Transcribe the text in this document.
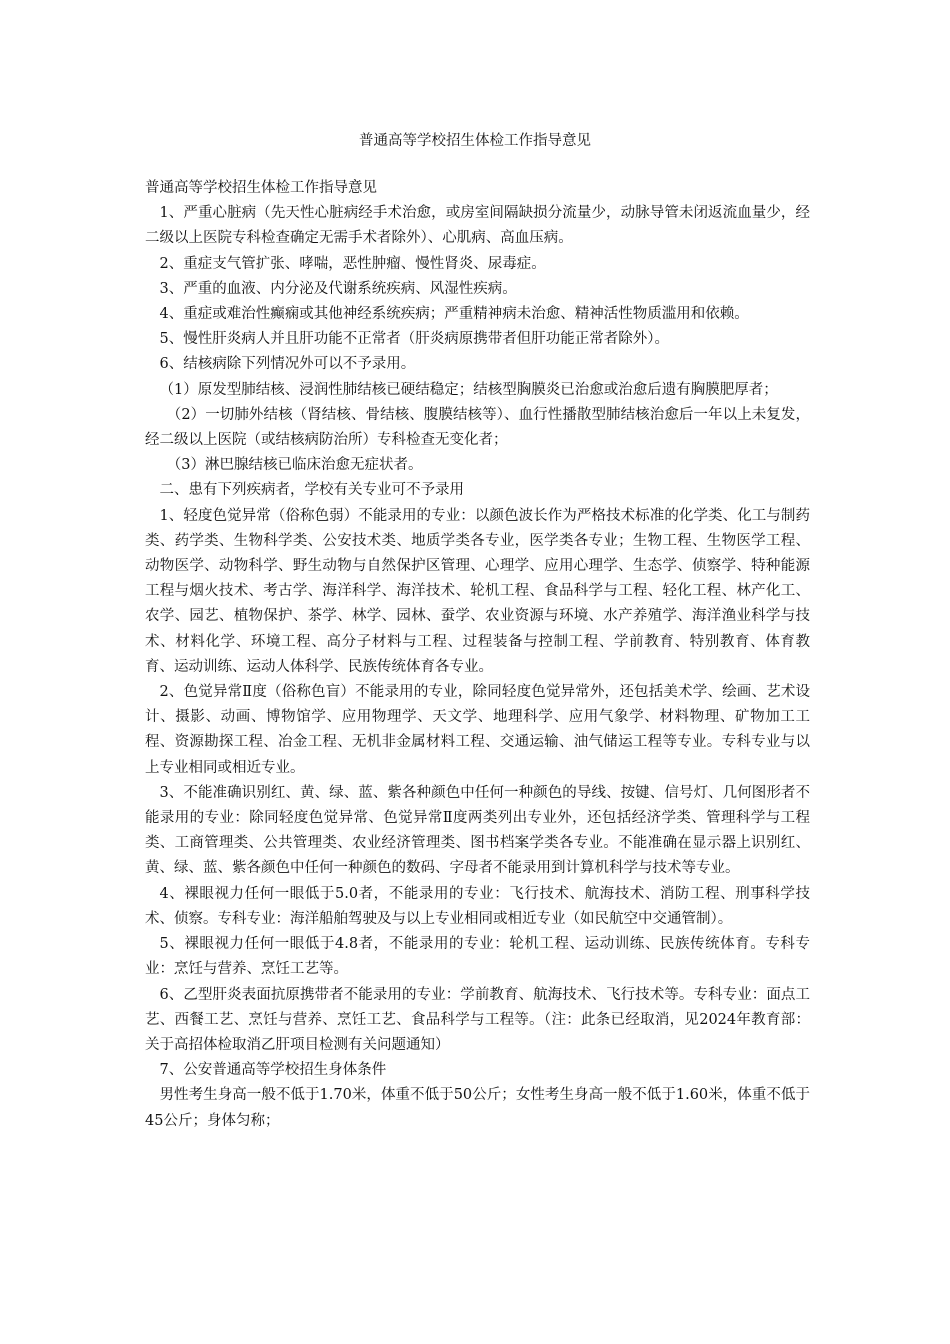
普通高等学校招生体检工作指导意见

普通高等学校招生体检工作指导意见

1、严重心脏病（先天性心脏病经手术治愈，或房室间隔缺损分流量少，动脉导管未闭返流血量少，经二级以上医院专科检查确定无需手术者除外）、心肌病、高血压病。

2、重症支气管扩张、哮喘，恶性肿瘤、慢性肾炎、尿毒症。

3、严重的血液、内分泌及代谢系统疾病、风湿性疾病。

4、重症或难治性癫痫或其他神经系统疾病；严重精神病未治愈、精神活性物质滥用和依赖。

5、慢性肝炎病人并且肝功能不正常者（肝炎病原携带者但肝功能正常者除外）。

6、结核病除下列情况外可以不予录用。

（1）原发型肺结核、浸润性肺结核已硬结稳定；结核型胸膜炎已治愈或治愈后遗有胸膜肥厚者；

（2）一切肺外结核（肾结核、骨结核、腹膜结核等）、血行性播散型肺结核治愈后一年以上未复发，经二级以上医院（或结核病防治所）专科检查无变化者；

（3）淋巴腺结核已临床治愈无症状者。

二、患有下列疾病者，学校有关专业可不予录用

1、轻度色觉异常（俗称色弱）不能录用的专业：以颜色波长作为严格技术标准的化学类、化工与制药类、药学类、生物科学类、公安技术类、地质学类各专业，医学类各专业；生物工程、生物医学工程、动物医学、动物科学、野生动物与自然保护区管理、心理学、应用心理学、生态学、侦察学、特种能源工程与烟火技术、考古学、海洋科学、海洋技术、轮机工程、食品科学与工程、轻化工程、林产化工、农学、园艺、植物保护、茶学、林学、园林、蚕学、农业资源与环境、水产养殖学、海洋渔业科学与技术、材料化学、环境工程、高分子材料与工程、过程装备与控制工程、学前教育、特别教育、体育教育、运动训练、运动人体科学、民族传统体育各专业。

2、色觉异常Ⅱ度（俗称色盲）不能录用的专业，除同轻度色觉异常外，还包括美术学、绘画、艺术设计、摄影、动画、博物馆学、应用物理学、天文学、地理科学、应用气象学、材料物理、矿物加工工程、资源勘探工程、冶金工程、无机非金属材料工程、交通运输、油气储运工程等专业。专科专业与以上专业相同或相近专业。

3、不能准确识别红、黄、绿、蓝、紫各种颜色中任何一种颜色的导线、按键、信号灯、几何图形者不能录用的专业：除同轻度色觉异常、色觉异常Ⅱ度两类列出专业外，还包括经济学类、管理科学与工程类、工商管理类、公共管理类、农业经济管理类、图书档案学类各专业。不能准确在显示器上识别红、黄、绿、蓝、紫各颜色中任何一种颜色的数码、字母者不能录用到计算机科学与技术等专业。

4、裸眼视力任何一眼低于5.0者，不能录用的专业：飞行技术、航海技术、消防工程、刑事科学技术、侦察。专科专业：海洋船舶驾驶及与以上专业相同或相近专业（如民航空中交通管制）。

5、裸眼视力任何一眼低于4.8者，不能录用的专业：轮机工程、运动训练、民族传统体育。专科专业：烹饪与营养、烹饪工艺等。

6、乙型肝炎表面抗原携带者不能录用的专业：学前教育、航海技术、飞行技术等。专科专业：面点工艺、西餐工艺、烹饪与营养、烹饪工艺、食品科学与工程等。（注：此条已经取消，见2024年教育部：关于高招体检取消乙肝项目检测有关问题通知）

7、公安普通高等学校招生身体条件

男性考生身高一般不低于1.70米，体重不低于50公斤；女性考生身高一般不低于1.60米，体重不低于45公斤；身体匀称；
